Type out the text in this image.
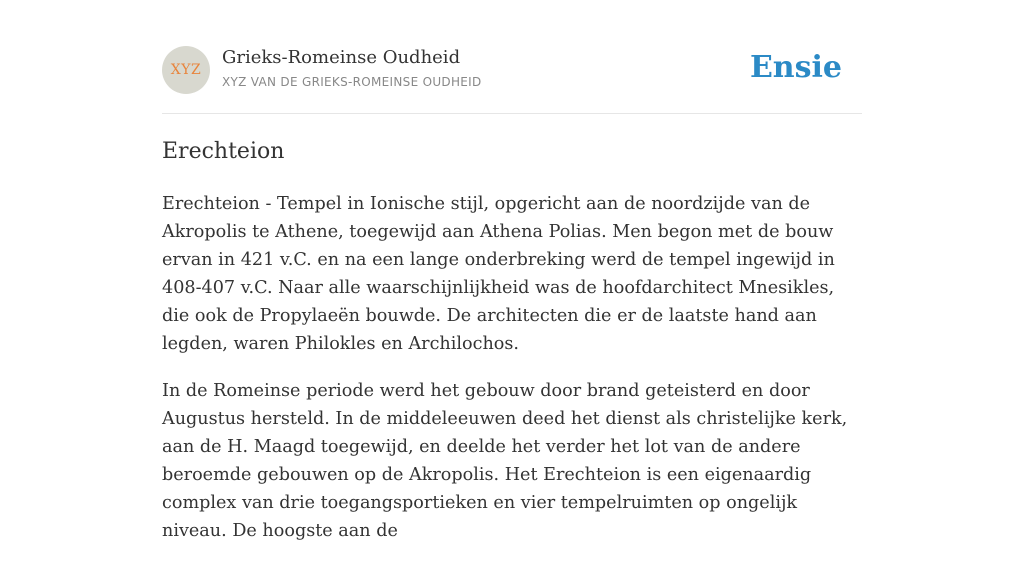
XYZ
Grieks-Romeinse Oudheid
XYZ VAN DE GRIEKS-ROMEINSE OUDHEID	Ensie
Erechteion

Erechteion - Tempel in Ionische stijl, opgericht aan de noordzijde van de Akropolis te Athene, toegewijd aan Athena Polias. Men begon met de bouw ervan in 421 v.C. en na een lange onderbreking werd de tempel ingewijd in 408-407 v.C. Naar alle waarschijnlijkheid was de hoofdarchitect Mnesikles, die ook de Propylaeën bouwde. De architecten die er de laatste hand aan legden, waren Philokles en Archilochos.

In de Romeinse periode werd het gebouw door brand geteisterd en door Augustus hersteld. In de middeleeuwen deed het dienst als christelijke kerk, aan de H. Maagd toegewijd, en deelde het verder het lot van de andere beroemde gebouwen op de Akropolis. Het Erechteion is een eigenaardig complex van drie toegangsportieken en vier tempelruimten op ongelijk niveau. De hoogste aan de
